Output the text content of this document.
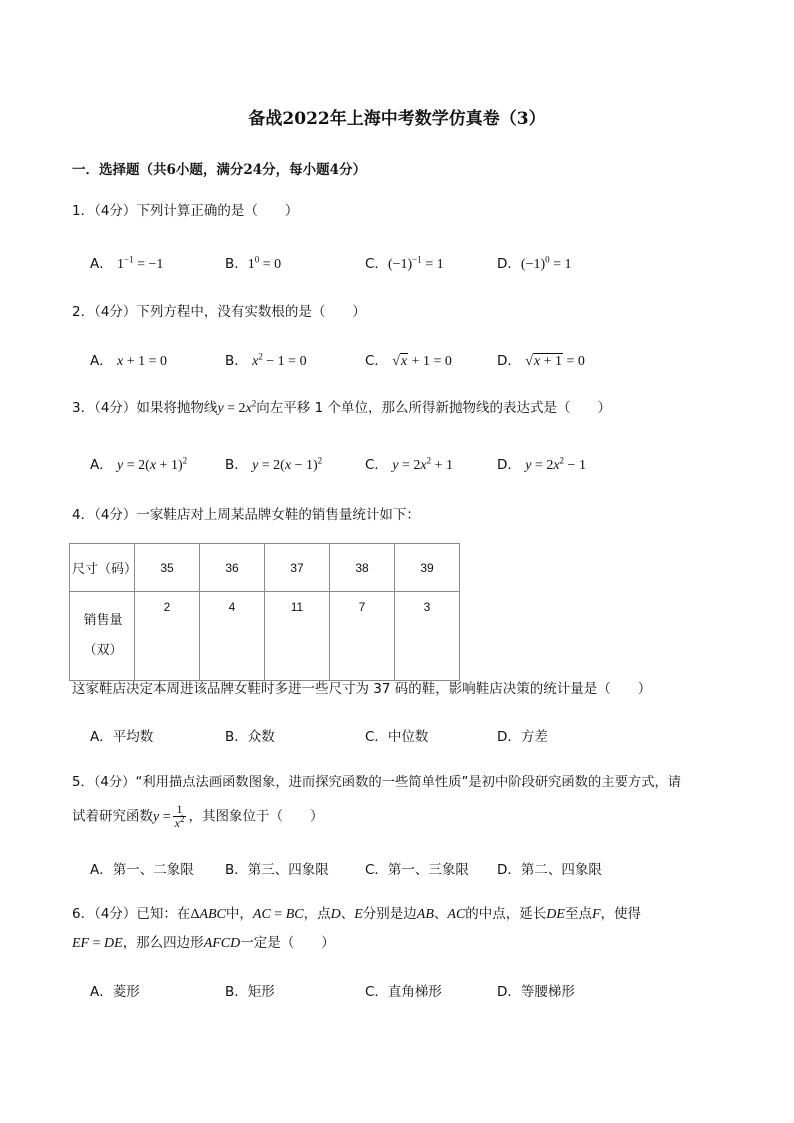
备战2022年上海中考数学仿真卷（3）
一．选择题（共6小题，满分24分，每小题4分）
1．（4分）下列计算正确的是（　　）
A． $1^{-1} = -1$	B．$1^0 = 0$	C．$(-1)^{-1} = 1$	D．$(-1)^0 = 1$
2．（4分）下列方程中，没有实数根的是（　　）
A． x + 1 = 0	B． $x^2 - 1 = 0$	C． √x + 1 = 0	D． √x + 1 = 0
3．（4分）如果将抛物线$y = 2x^2$向左平移 1 个单位，那么所得新抛物线的表达式是（　　）
A． $y = 2(x + 1)^2$	B． $y = 2(x - 1)^2$	C． $y = 2x^2 + 1$	D． $y = 2x^2 - 1$
4．（4分）一家鞋店对上周某品牌女鞋的销售量统计如下：
尺寸（码）	35	36	37	38	39

销售量
（双）	2	4	11	7	3
这家鞋店决定本周进该品牌女鞋时多进一些尺寸为 37 码的鞋，影响鞋店决策的统计量是（　　）
A．平均数	B．众数	C．中位数	D．方差
5．（4分）“利用描点法画函数图象，进而探究函数的一些简单性质”是初中阶段研究函数的主要方式，请
试着研究函数$y = \frac{1}{x^2}$ ，其图象位于（　　）
A．第一、二象限 B．第三、四象限	C．第一、三象限 D．第二、四象限
6．（4分）已知：在ΔABC中，AC = BC，点D、E分别是边AB、AC的中点，延长DE至点F，使得
EF = DE，那么四边形AFCD一定是（　　）
A．菱形	B．矩形	C．直角梯形	D．等腰梯形
